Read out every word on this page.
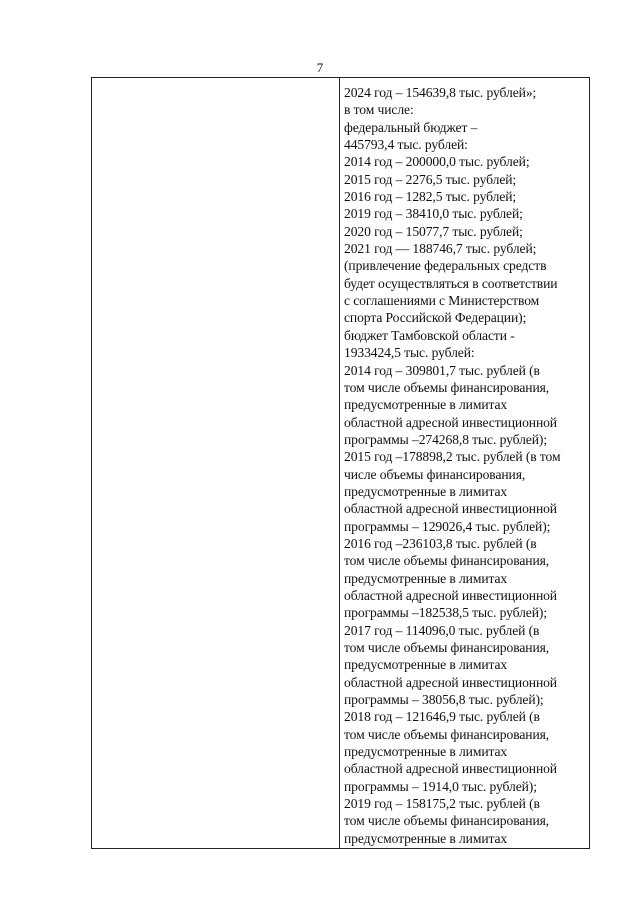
7
2024 год – 154639,8 тыс. рублей»;
в том числе:
федеральный бюджет –
445793,4 тыс. рублей:
2014 год – 200000,0 тыс. рублей;
2015 год – 2276,5 тыс. рублей;
2016 год – 1282,5 тыс. рублей;
2019 год – 38410,0 тыс. рублей;
2020 год – 15077,7 тыс. рублей;
2021 год — 188746,7 тыс. рублей;
(привлечение федеральных средств
будет осуществляться в соответствии
с соглашениями с Министерством
спорта Российской Федерации);
бюджет Тамбовской области -
1933424,5 тыс. рублей:
2014 год – 309801,7 тыс. рублей (в
том числе объемы финансирования,
предусмотренные в лимитах
областной адресной инвестиционной
программы –274268,8 тыс. рублей);
2015 год –178898,2 тыс. рублей (в том
числе объемы финансирования,
предусмотренные в лимитах
областной адресной инвестиционной
программы – 129026,4 тыс. рублей);
2016 год –236103,8 тыс. рублей (в
том числе объемы финансирования,
предусмотренные в лимитах
областной адресной инвестиционной
программы –182538,5 тыс. рублей);
2017 год – 114096,0 тыс. рублей (в
том числе объемы финансирования,
предусмотренные в лимитах
областной адресной инвестиционной
программы – 38056,8 тыс. рублей);
2018 год – 121646,9 тыс. рублей (в
том числе объемы финансирования,
предусмотренные в лимитах
областной адресной инвестиционной
программы – 1914,0 тыс. рублей);
2019 год – 158175,2 тыс. рублей (в
том числе объемы финансирования,
предусмотренные в лимитах
